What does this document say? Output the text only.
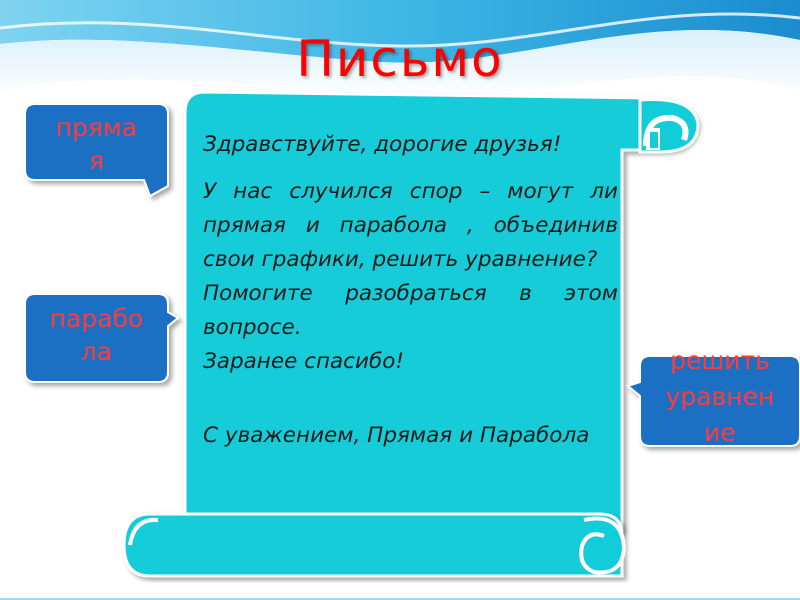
Письмо

Здравствуйте, дорогие друзья!

У нас случился спор – могут ли прямая и парабола , объединив свои графики, решить уравнение?

Помогите разобраться в этом вопросе.

Заранее спасибо!

С уважением, Прямая и Парабола

пряма
я
парабо
ла	решить
уравнен
ие
